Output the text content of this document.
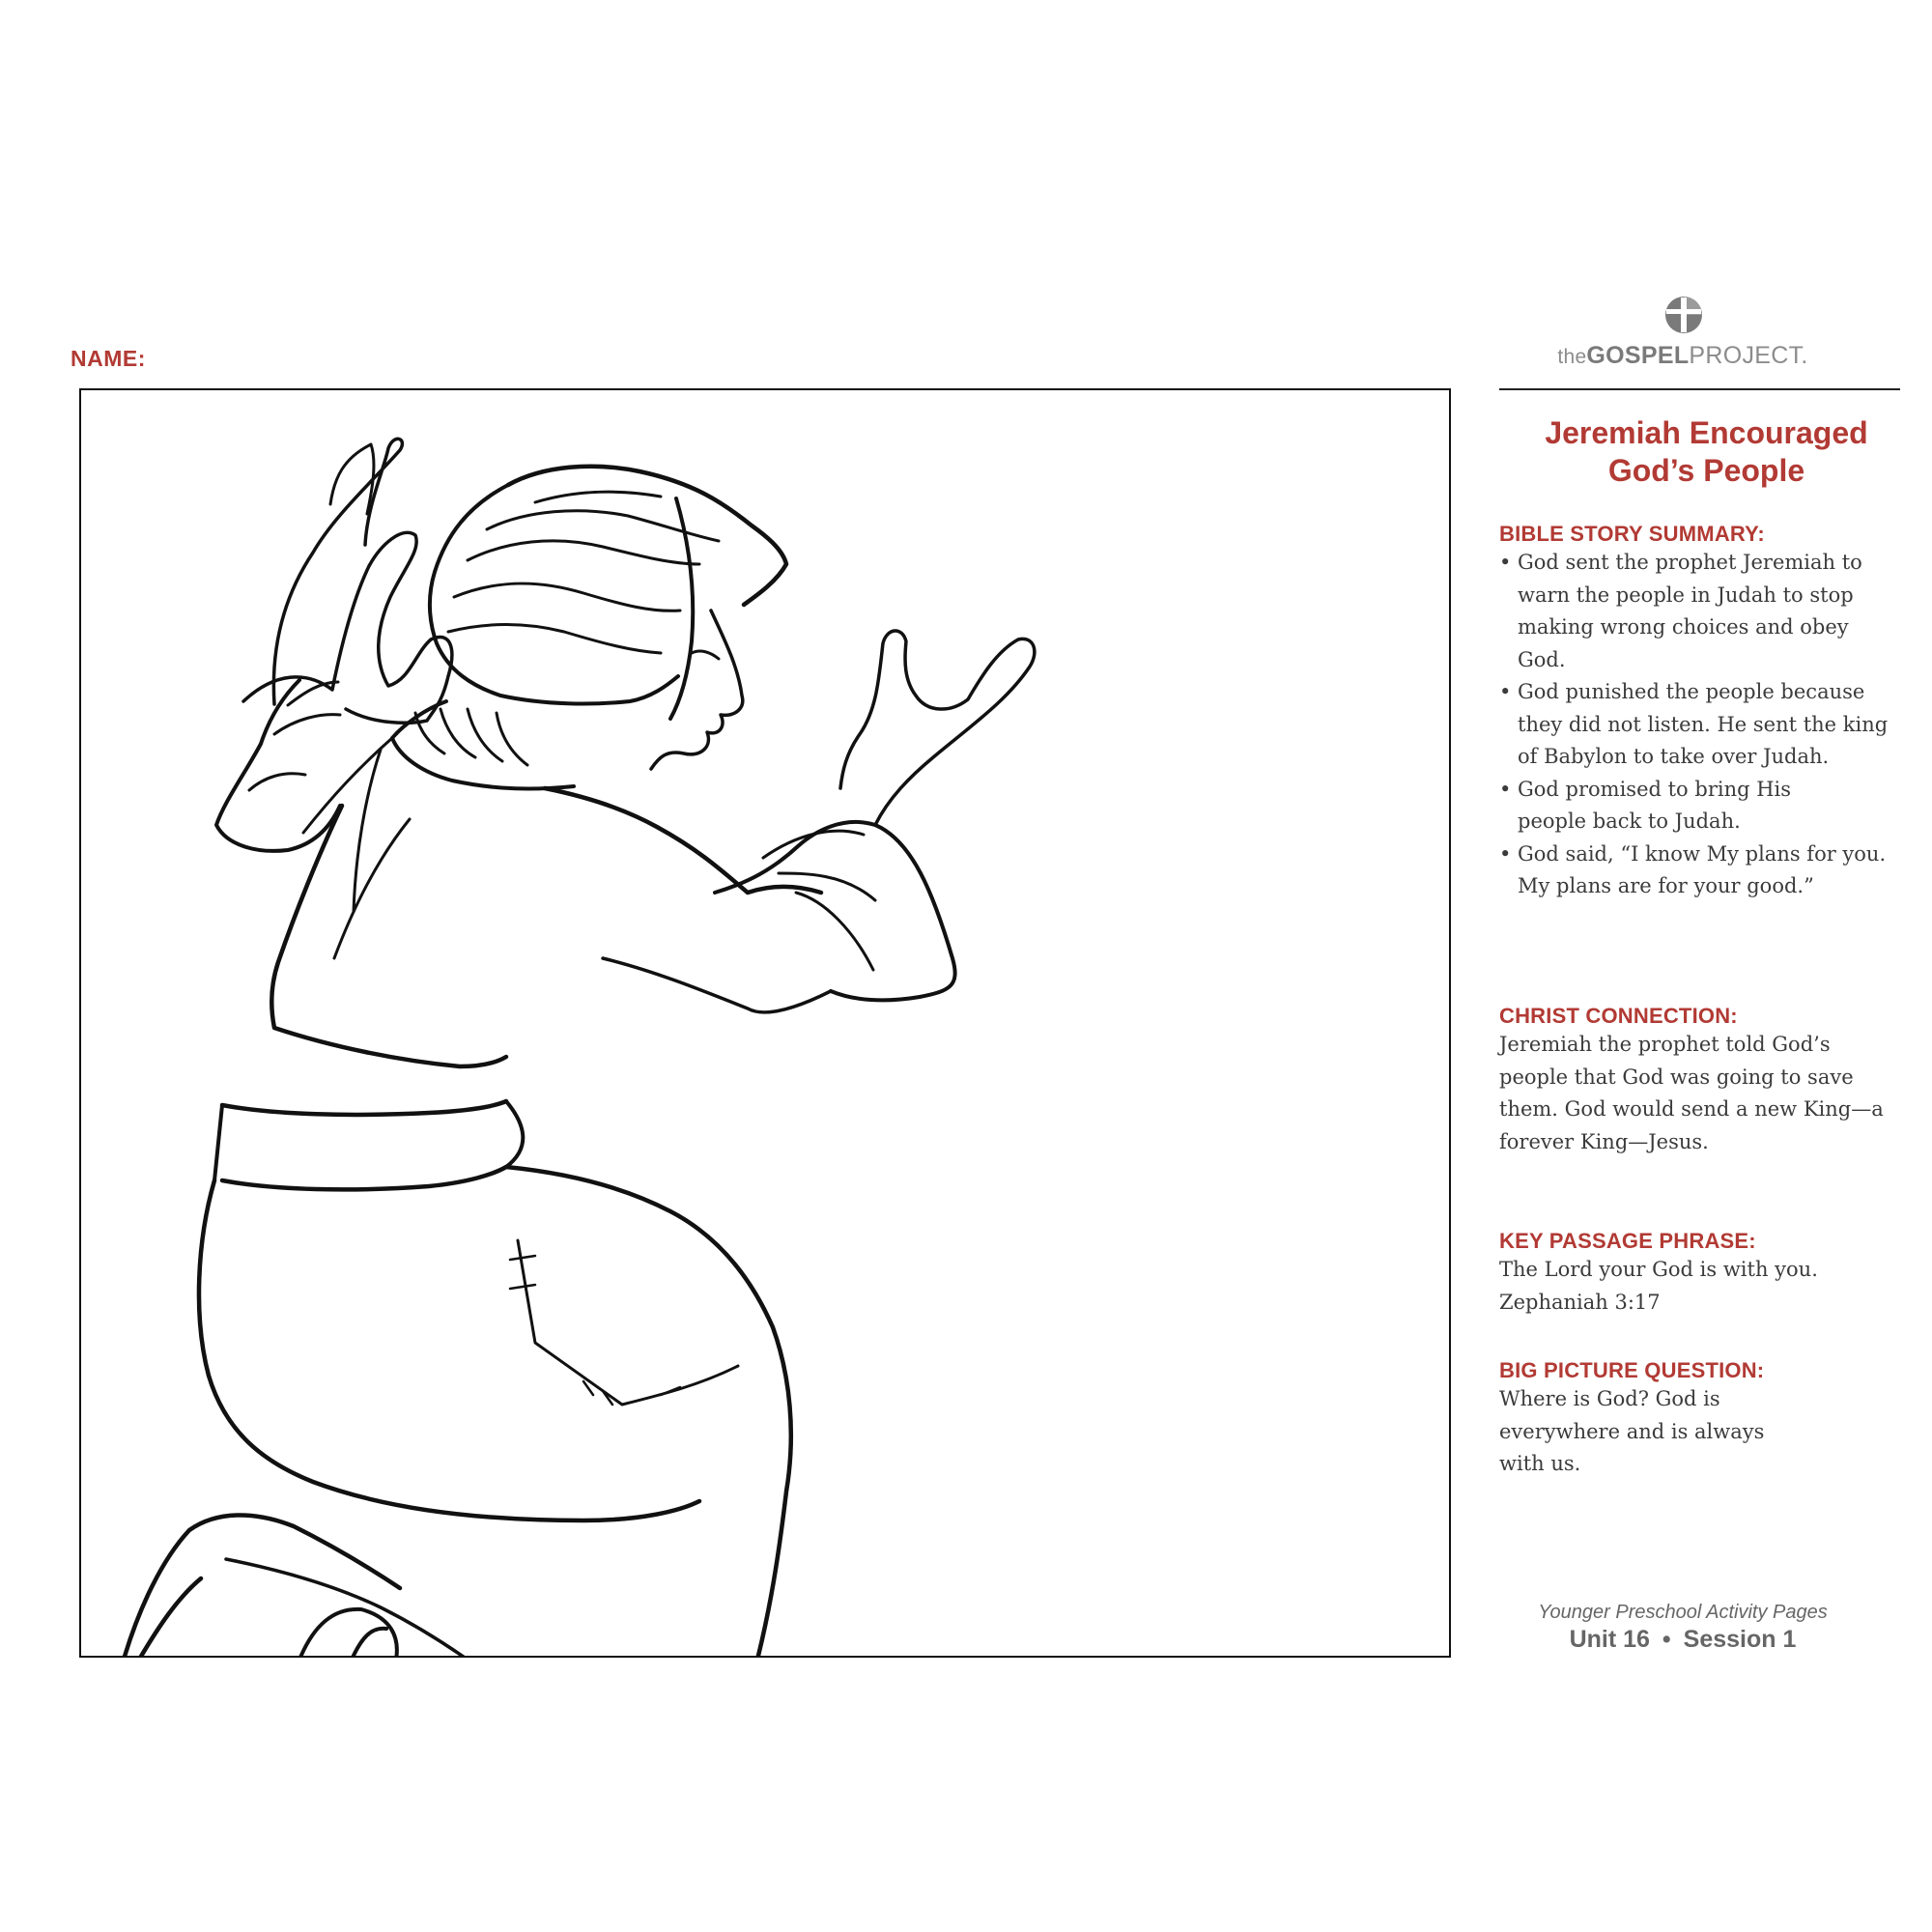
NAME:	theGOSPELPROJECT.
Jeremiah Encouraged
God’s People
BIBLE STORY SUMMARY:
• God sent the prophet Jeremiah to warn the people in Judah to stop making wrong choices and obey God.
• God punished the people because they did not listen. He sent the king of Babylon to take over Judah.
• God promised to bring His people back to Judah.
• God said, “I know My plans for you. My plans are for your good.”
CHRIST CONNECTION:

Jeremiah the prophet told God’s people that God was going to save them. God would send a new King—a forever King—Jesus.

KEY PASSAGE PHRASE:

The Lord your God is with you.

Zephaniah 3:17

BIG PICTURE QUESTION:

Where is God? God is everywhere and is always with us.

Younger Preschool Activity Pages
Unit 16 • Session 1
